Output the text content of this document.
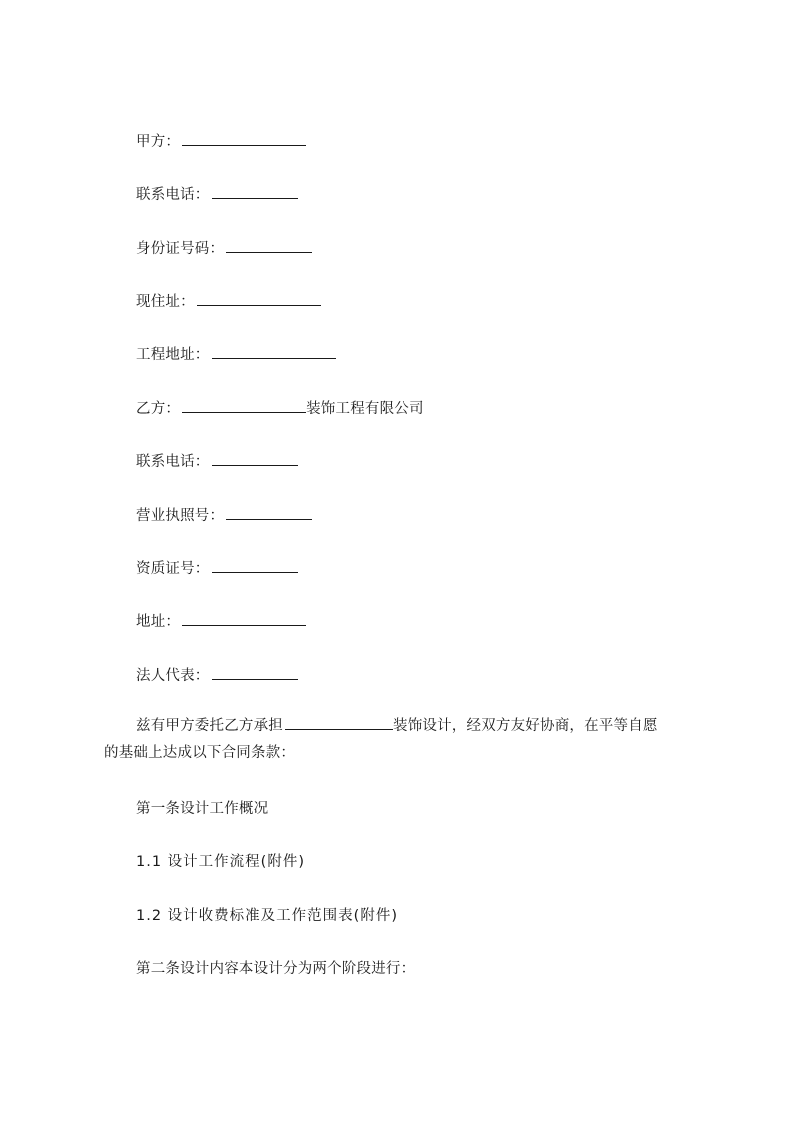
甲方：
联系电话：
身份证号码：
现住址：
工程地址：
乙方：	装饰工程有限公司
联系电话：
营业执照号：
资质证号：
地址：
法人代表：
兹有甲方委托乙方承担	装饰设计，经双方友好协商，在平等自愿
的基础上达成以下合同条款：
第一条设计工作概况
1.1 设计工作流程(附件)
1.2 设计收费标准及工作范围表(附件)
第二条设计内容本设计分为两个阶段进行：
